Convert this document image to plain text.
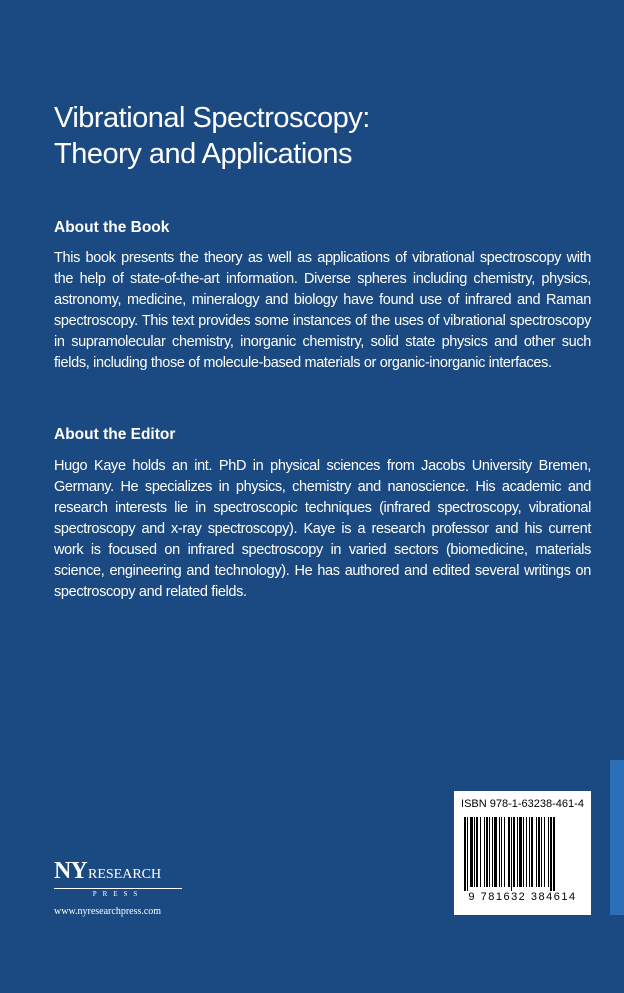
Vibrational Spectroscopy:
Theory and Applications
About the Book
This book presents the theory as well as applications of vibrational spectroscopy with the help of state-of-the-art information. Diverse spheres including chemistry, physics, astronomy, medicine, mineralogy and biology have found use of infrared and Raman spectroscopy. This text provides some instances of the uses of vibrational spectroscopy in supramolecular chemistry, inorganic chemistry, solid state physics and other such fields, including those of molecule-based materials or organic-inorganic interfaces.
About the Editor
Hugo Kaye holds an int. PhD in physical sciences from Jacobs University Bremen, Germany. He specializes in physics, chemistry and nanoscience. His academic and research interests lie in spectroscopic techniques (infrared spectroscopy, vibrational spectroscopy and x-ray spectroscopy). Kaye is a research professor and his current work is focused on infrared spectroscopy in varied sectors (biomedicine, materials science, engineering and technology). He has authored and edited several writings on spectroscopy and related fields.
ISBN 978-1-63238-461-4
9 781632 384614
NY RESEARCH
PRESS
www.nyresearchpress.com
